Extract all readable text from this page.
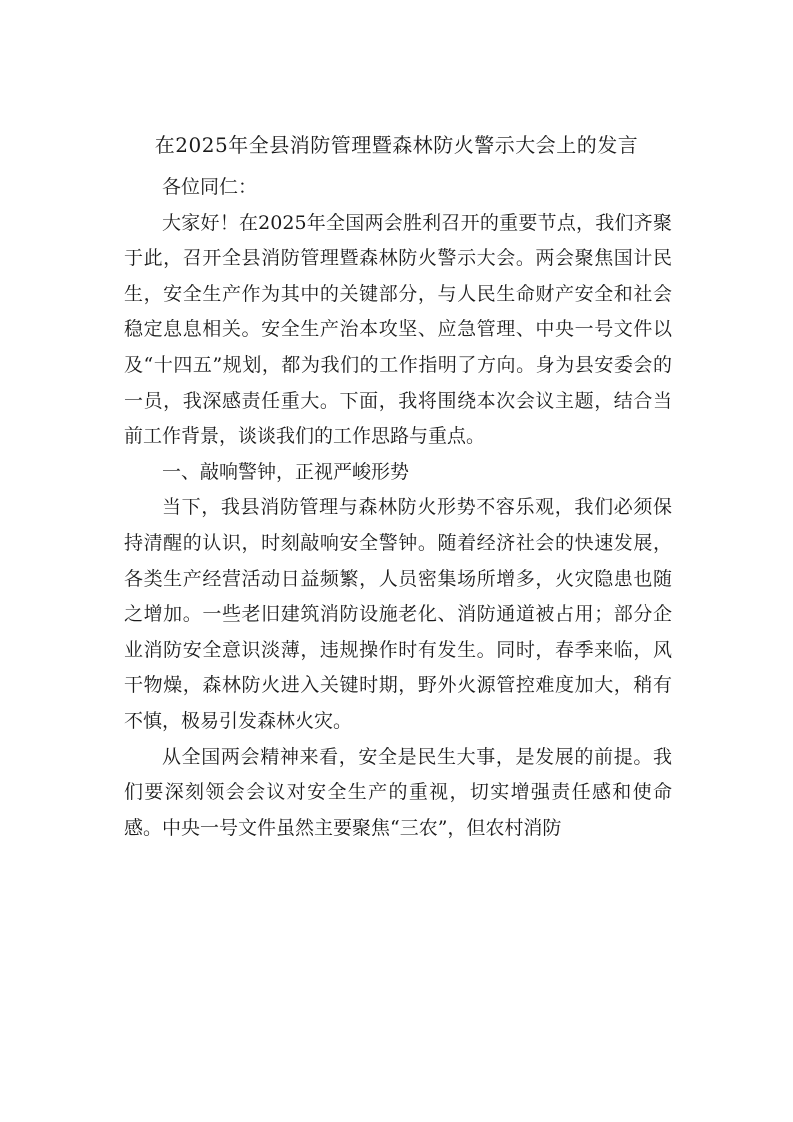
在2025年全县消防管理暨森林防火警示大会上的发言

各位同仁：

大家好！在2025年全国两会胜利召开的重要节点，我们齐聚于此，召开全县消防管理暨森林防火警示大会。两会聚焦国计民生，安全生产作为其中的关键部分，与人民生命财产安全和社会稳定息息相关。安全生产治本攻坚、应急管理、中央一号文件以及“十四五”规划，都为我们的工作指明了方向。身为县安委会的一员，我深感责任重大。下面，我将围绕本次会议主题，结合当前工作背景，谈谈我们的工作思路与重点。

一、敲响警钟，正视严峻形势

当下，我县消防管理与森林防火形势不容乐观，我们必须保持清醒的认识，时刻敲响安全警钟。随着经济社会的快速发展，各类生产经营活动日益频繁，人员密集场所增多，火灾隐患也随之增加。一些老旧建筑消防设施老化、消防通道被占用；部分企业消防安全意识淡薄，违规操作时有发生。同时，春季来临，风干物燥，森林防火进入关键时期，野外火源管控难度加大，稍有不慎，极易引发森林火灾。

从全国两会精神来看，安全是民生大事，是发展的前提。我们要深刻领会会议对安全生产的重视，切实增强责任感和使命感。中央一号文件虽然主要聚焦“三农”，但农村消防
